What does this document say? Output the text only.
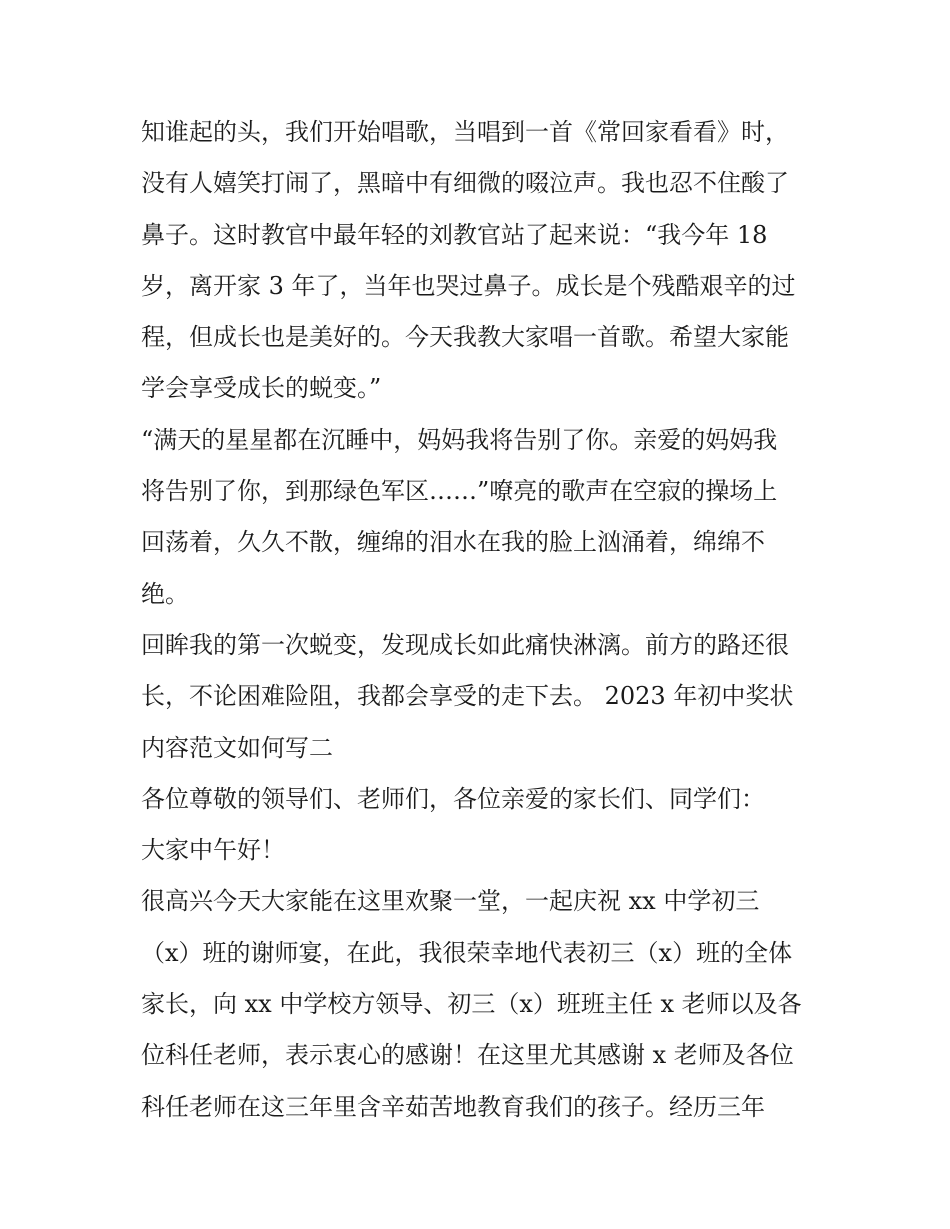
知谁起的头，我们开始唱歌，当唱到一首《常回家看看》时，
没有人嬉笑打闹了，黑暗中有细微的啜泣声。我也忍不住酸了
鼻子。这时教官中最年轻的刘教官站了起来说：“我今年 18
岁，离开家 3 年了，当年也哭过鼻子。成长是个残酷艰辛的过
程，但成长也是美好的。今天我教大家唱一首歌。希望大家能
学会享受成长的蜕变。”
“满天的星星都在沉睡中，妈妈我将告别了你。亲爱的妈妈我
将告别了你，到那绿色军区……”嘹亮的歌声在空寂的操场上
回荡着，久久不散，缠绵的泪水在我的脸上汹涌着，绵绵不
绝。
回眸我的第一次蜕变，发现成长如此痛快淋漓。前方的路还很
长，不论困难险阻，我都会享受的走下去。 2023 年初中奖状
内容范文如何写二
各位尊敬的领导们、老师们，各位亲爱的家长们、同学们：
大家中午好！
很高兴今天大家能在这里欢聚一堂，一起庆祝 xx 中学初三
（x）班的谢师宴，在此，我很荣幸地代表初三（x）班的全体
家长，向 xx 中学校方领导、初三（x）班班主任 x 老师以及各
位科任老师，表示衷心的感谢！在这里尤其感谢 x 老师及各位
科任老师在这三年里含辛茹苦地教育我们的孩子。经历三年
